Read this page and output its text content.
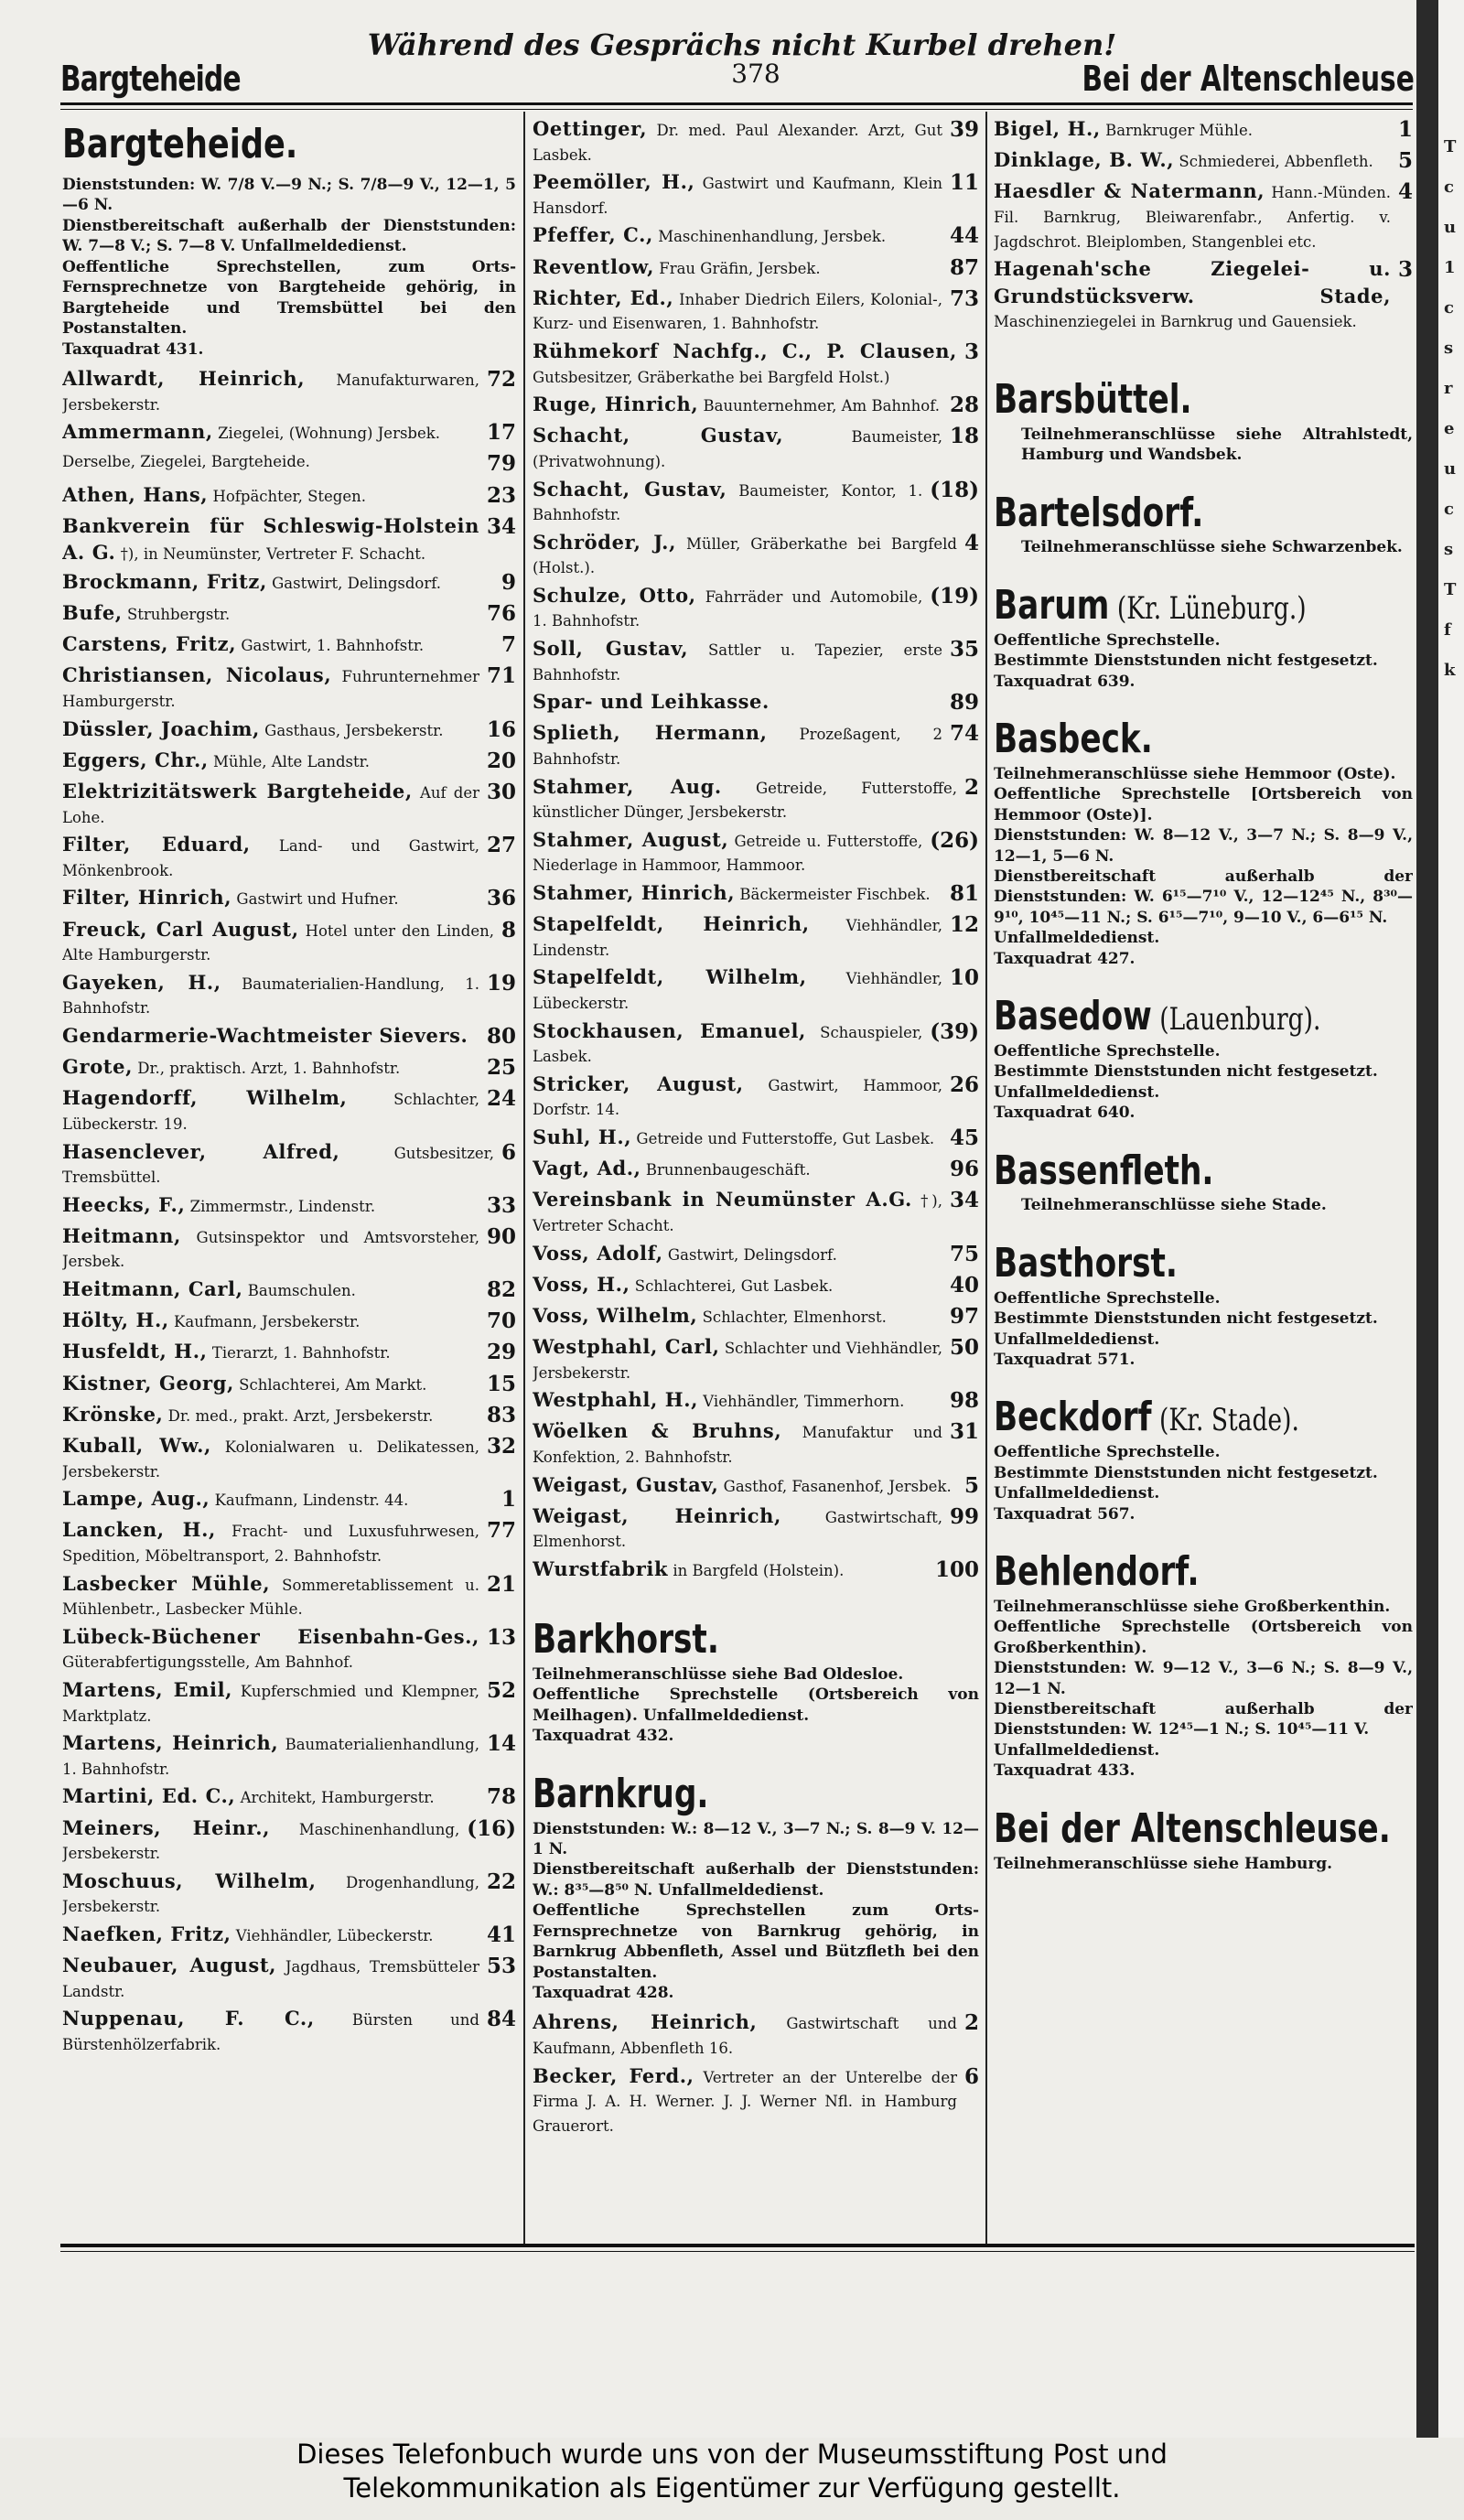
Bargteheide
Während des Gesprächs nicht Kurbel drehen!
378	Bei der Altenschleuse
Bargteheide.

Dienststunden: W. 7/8 V.—9 N.; S. 7/8—9 V., 12—1, 5—6 N.

Dienstbereitschaft außerhalb der Dienststunden: W. 7—8 V.; S. 7—8 V. Unfallmeldedienst.

Oeffentliche Sprechstellen, zum Orts-Fernsprechnetze von Bargteheide gehörig, in Bargteheide und Tremsbüttel bei den Postanstalten.

Taxquadrat 431.

72
Allwardt, Heinrich, Manufakturwaren, Jersbekerstr.
17
Ammermann, Ziegelei, (Wohnung) Jersbek.
79
Derselbe, Ziegelei, Bargteheide.
23
Athen, Hans, Hofpächter, Stegen.
34
Bankverein für Schleswig-Holstein A. G. †), in Neumünster, Vertreter F. Schacht.
9
Brockmann, Fritz, Gastwirt, Delingsdorf.
76
Bufe, Struhbergstr.
7
Carstens, Fritz, Gastwirt, 1. Bahnhofstr.
71
Christiansen, Nicolaus, Fuhrunternehmer Hamburgerstr.
16
Düssler, Joachim, Gasthaus, Jersbekerstr.
20
Eggers, Chr., Mühle, Alte Landstr.
30
Elektrizitätswerk Bargteheide, Auf der Lohe.
27
Filter, Eduard, Land- und Gastwirt, Mönkenbrook.
36
Filter, Hinrich, Gastwirt und Hufner.
8
Freuck, Carl August, Hotel unter den Linden, Alte Hamburgerstr.
19
Gayeken, H., Baumaterialien-Handlung, 1. Bahnhofstr.
80
Gendarmerie-Wachtmeister Sievers.
25
Grote, Dr., praktisch. Arzt, 1. Bahnhofstr.
24
Hagendorff, Wilhelm, Schlachter, Lübeckerstr. 19.
6
Hasenclever, Alfred, Gutsbesitzer, Tremsbüttel.
33
Heecks, F., Zimmermstr., Lindenstr.
90
Heitmann, Gutsinspektor und Amtsvorsteher, Jersbek.
82
Heitmann, Carl, Baumschulen.
70
Hölty, H., Kaufmann, Jersbekerstr.
29
Husfeldt, H., Tierarzt, 1. Bahnhofstr.
15
Kistner, Georg, Schlachterei, Am Markt.
83
Krönske, Dr. med., prakt. Arzt, Jersbekerstr.
32
Kuball, Ww., Kolonialwaren u. Delikatessen, Jersbekerstr.
1
Lampe, Aug., Kaufmann, Lindenstr. 44.
77
Lancken, H., Fracht- und Luxusfuhrwesen, Spedition, Möbeltransport, 2. Bahnhofstr.
21
Lasbecker Mühle, Sommeretablissement u. Mühlenbetr., Lasbecker Mühle.
13
Lübeck-Büchener Eisenbahn-Ges., Güterabfertigungsstelle, Am Bahnhof.
52
Martens, Emil, Kupferschmied und Klempner, Marktplatz.
14
Martens, Heinrich, Baumaterialienhandlung, 1. Bahnhofstr.
78
Martini, Ed. C., Architekt, Hamburgerstr.
(16)
Meiners, Heinr., Maschinenhandlung, Jersbekerstr.
22
Moschuus, Wilhelm, Drogenhandlung, Jersbekerstr.
41
Naefken, Fritz, Viehhändler, Lübeckerstr.
53
Neubauer, August, Jagdhaus, Tremsbütteler Landstr.
84
Nuppenau, F. C., Bürsten und Bürstenhölzerfabrik.
39
Oettinger, Dr. med. Paul Alexander. Arzt, Gut Lasbek.
11
Peemöller, H., Gastwirt und Kaufmann, Klein Hansdorf.
44
Pfeffer, C., Maschinenhandlung, Jersbek.
87
Reventlow, Frau Gräfin, Jersbek.
73
Richter, Ed., Inhaber Diedrich Eilers, Kolonial-, Kurz- und Eisenwaren, 1. Bahnhofstr.
3
Rühmekorf Nachfg., C., P. Clausen, Gutsbesitzer, Gräberkathe bei Bargfeld Holst.)
28
Ruge, Hinrich, Bauunternehmer, Am Bahnhof.
18
Schacht, Gustav, Baumeister, (Privatwohnung).
(18)
Schacht, Gustav, Baumeister, Kontor, 1. Bahnhofstr.
4
Schröder, J., Müller, Gräberkathe bei Bargfeld (Holst.).
(19)
Schulze, Otto, Fahrräder und Automobile, 1. Bahnhofstr.
35
Soll, Gustav, Sattler u. Tapezier, erste Bahnhofstr.
89
Spar- und Leihkasse.
74
Splieth, Hermann, Prozeßagent, 2 Bahnhofstr.
2
Stahmer, Aug. Getreide, Futterstoffe, künstlicher Dünger, Jersbekerstr.
(26)
Stahmer, August, Getreide u. Futterstoffe, Niederlage in Hammoor, Hammoor.
81
Stahmer, Hinrich, Bäckermeister Fischbek.
12
Stapelfeldt, Heinrich, Viehhändler, Lindenstr.
10
Stapelfeldt, Wilhelm, Viehhändler, Lübeckerstr.
(39)
Stockhausen, Emanuel, Schauspieler, Lasbek.
26
Stricker, August, Gastwirt, Hammoor, Dorfstr. 14.
45
Suhl, H., Getreide und Futterstoffe, Gut Lasbek.
96
Vagt, Ad., Brunnenbaugeschäft.
34
Vereinsbank in Neumünster A.G. †), Vertreter Schacht.
75
Voss, Adolf, Gastwirt, Delingsdorf.
40
Voss, H., Schlachterei, Gut Lasbek.
97
Voss, Wilhelm, Schlachter, Elmenhorst.
50
Westphahl, Carl, Schlachter und Viehhändler, Jersbekerstr.
98
Westphahl, H., Viehhändler, Timmerhorn.
31
Wöelken & Bruhns, Manufaktur und Konfektion, 2. Bahnhofstr.
5
Weigast, Gustav, Gasthof, Fasanenhof, Jersbek.
99
Weigast, Heinrich, Gastwirtschaft, Elmenhorst.
100
Wurstfabrik in Bargfeld (Holstein).
Barkhorst.

Teilnehmeranschlüsse siehe Bad Oldesloe.

Oeffentliche Sprechstelle (Ortsbereich von Meilhagen). Unfallmeldedienst.

Taxquadrat 432.

Barnkrug.

Dienststunden: W.: 8—12 V., 3—7 N.; S. 8—9 V. 12—1 N.

Dienstbereitschaft außerhalb der Dienststunden: W.: 8³⁵—8⁵⁰ N. Unfallmeldedienst.

Oeffentliche Sprechstellen zum Orts-Fernsprechnetze von Barnkrug gehörig, in Barnkrug Abbenfleth, Assel und Bützfleth bei den Postanstalten.

Taxquadrat 428.

2
Ahrens, Heinrich, Gastwirtschaft und Kaufmann, Abbenfleth 16.
6
Becker, Ferd., Vertreter an der Unterelbe der Firma J. A. H. Werner. J. J. Werner Nfl. in Hamburg Grauerort.
1
Bigel, H., Barnkruger Mühle.
5
Dinklage, B. W., Schmiederei, Abbenfleth.
4
Haesdler & Natermann, Hann.-Münden. Fil. Barnkrug, Bleiwarenfabr., Anfertig. v. Jagdschrot. Bleiplomben, Stangenblei etc.
3
Hagenah'sche Ziegelei- u. Grundstücksverw. Stade, Maschinenziegelei in Barnkrug und Gauensiek.
Barsbüttel.

Teilnehmeranschlüsse siehe Altrahlstedt, Hamburg und Wandsbek.

Bartelsdorf.

Teilnehmeranschlüsse siehe Schwarzenbek.

Barum (Kr. Lüneburg.)

Oeffentliche Sprechstelle.

Bestimmte Dienststunden nicht festgesetzt.

Taxquadrat 639.

Basbeck.

Teilnehmeranschlüsse siehe Hemmoor (Oste).

Oeffentliche Sprechstelle [Ortsbereich von Hemmoor (Oste)].

Dienststunden: W. 8—12 V., 3—7 N.; S. 8—9 V., 12—1, 5—6 N.

Dienstbereitschaft außerhalb der Dienststunden: W. 6¹⁵—7¹⁰ V., 12—12⁴⁵ N., 8³⁰—9¹⁰, 10⁴⁵—11 N.; S. 6¹⁵—7¹⁰, 9—10 V., 6—6¹⁵ N.

Unfallmeldedienst.

Taxquadrat 427.

Basedow (Lauenburg).

Oeffentliche Sprechstelle.

Bestimmte Dienststunden nicht festgesetzt.

Unfallmeldedienst.

Taxquadrat 640.

Bassenfleth.

Teilnehmeranschlüsse siehe Stade.

Basthorst.

Oeffentliche Sprechstelle.

Bestimmte Dienststunden nicht festgesetzt.

Unfallmeldedienst.

Taxquadrat 571.

Beckdorf (Kr. Stade).

Oeffentliche Sprechstelle.

Bestimmte Dienststunden nicht festgesetzt.

Unfallmeldedienst.

Taxquadrat 567.

Behlendorf.

Teilnehmeranschlüsse siehe Großberkenthin.

Oeffentliche Sprechstelle (Ortsbereich von Großberkenthin).

Dienststunden: W. 9—12 V., 3—6 N.; S. 8—9 V., 12—1 N.

Dienstbereitschaft außerhalb der Dienststunden: W. 12⁴⁵—1 N.; S. 10⁴⁵—11 V.

Unfallmeldedienst.

Taxquadrat 433.

Bei der Altenschleuse.

Teilnehmeranschlüsse siehe Hamburg.

T
c
u
1
c
s
r
e
u
c
s
T
f
k
Dieses Telefonbuch wurde uns von der Museumsstiftung Post und
Telekommunikation als Eigentümer zur Verfügung gestellt.
